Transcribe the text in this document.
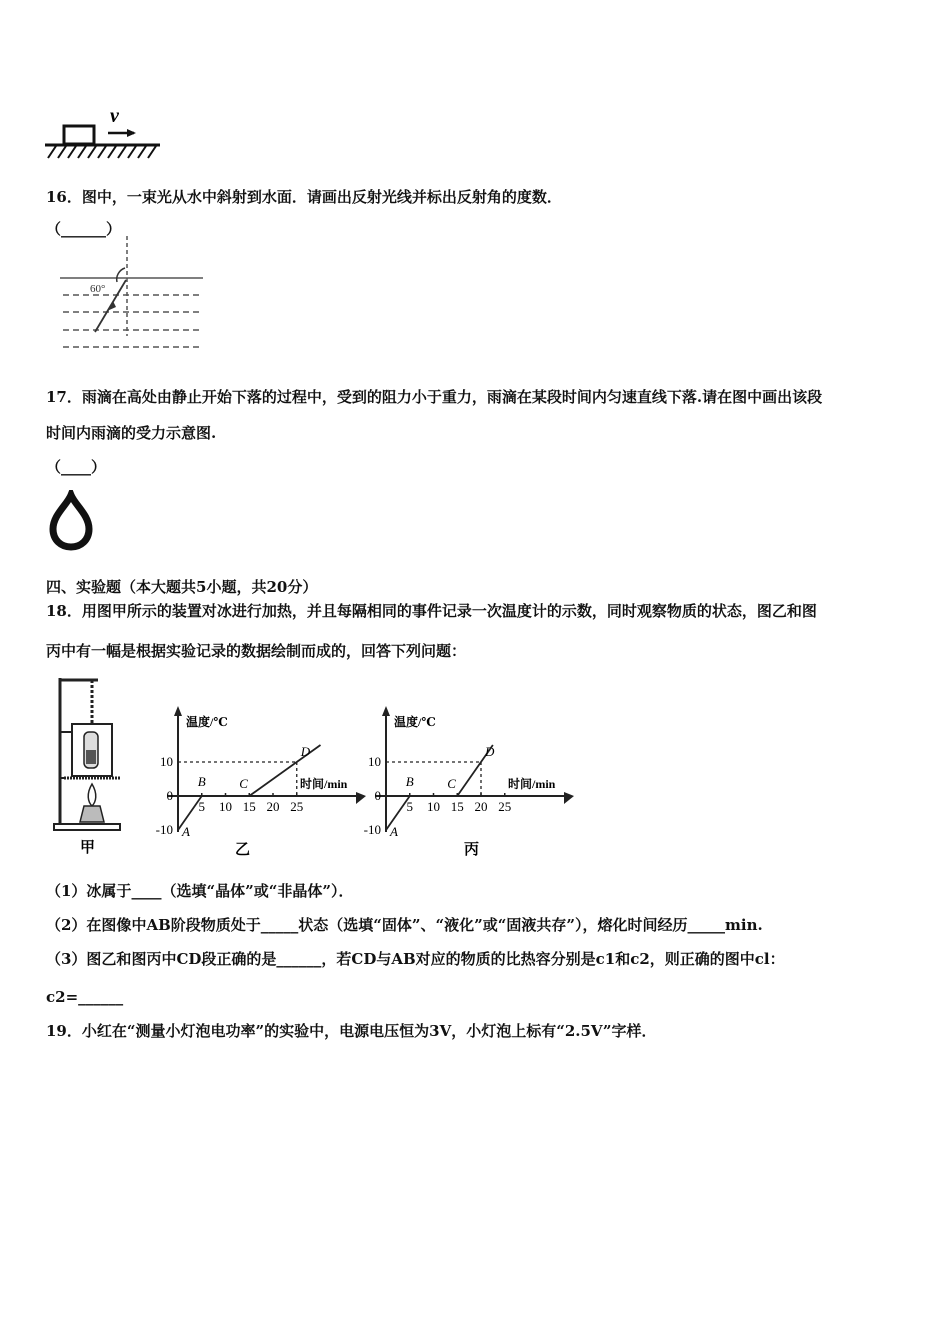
v
16．图中，一束光从水中斜射到水面．请画出反射光线并标出反射角的度数．
（______）
60°
17．雨滴在高处由静止开始下落的过程中，受到的阻力小于重力，雨滴在某段时间内匀速直线下落.请在图中画出该段
时间内雨滴的受力示意图.
（____）
四、实验题（本大题共5小题，共20分）
18．用图甲所示的装置对冰进行加热，并且每隔相同的事件记录一次温度计的示数，同时观察物质的状态，图乙和图
丙中有一幅是根据实验记录的数据绘制而成的，回答下列问题：
甲
温度/℃
时间/min
5 10 15 20 25
10
0
-10 A
B	C
D
乙
温度/℃
时间/min
5 10 15 20 25
10
0
-10 A
B	C
D
丙
（1）冰属于____（选填“晶体”或“非晶体”）．
（2）在图像中AB阶段物质处于_____状态（选填“固体”、“液化”或“固液共存”），熔化时间经历_____min.
（3）图乙和图丙中CD段正确的是______，若CD与AB对应的物质的比热容分别是c1和c2，则正确的图中cl：
c2=______
19．小红在“测量小灯泡电功率”的实验中，电源电压恒为3V，小灯泡上标有“2.5V”字样．
